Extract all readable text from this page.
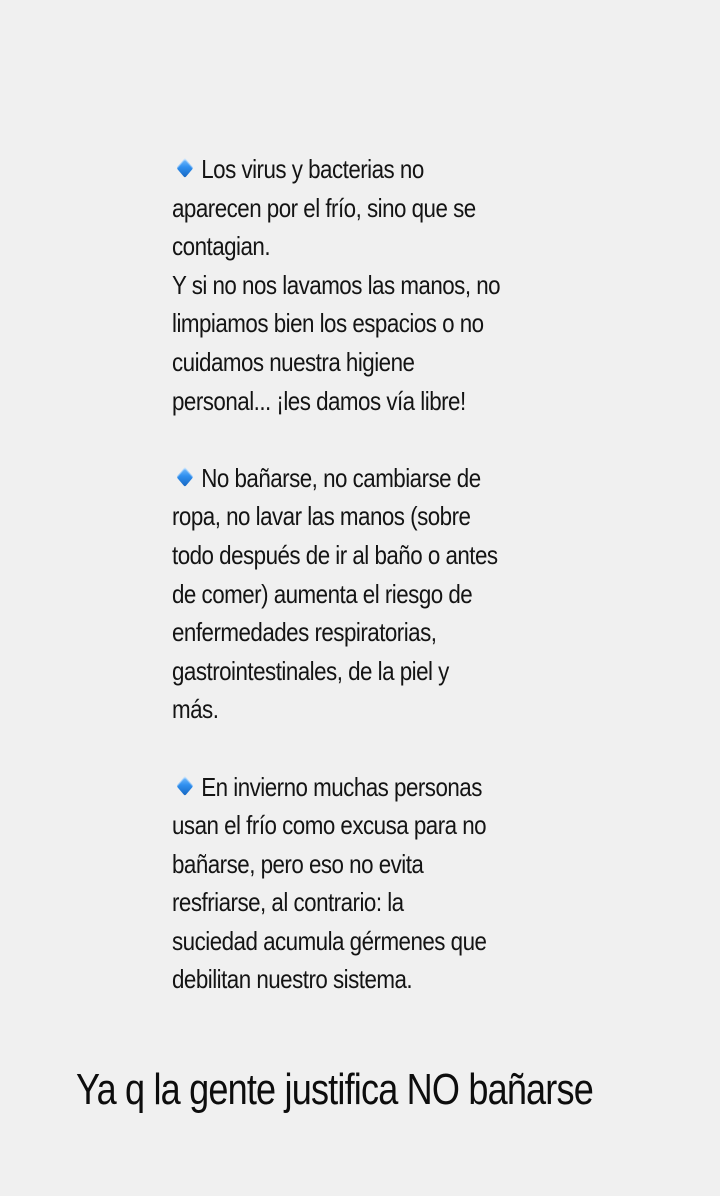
Los virus y bacterias no
aparecen por el frío, sino que se
contagian.
Y si no nos lavamos las manos, no
limpiamos bien los espacios o no
cuidamos nuestra higiene
personal... ¡les damos vía libre!

No bañarse, no cambiarse de
ropa, no lavar las manos (sobre
todo después de ir al baño o antes
de comer) aumenta el riesgo de
enfermedades respiratorias,
gastrointestinales, de la piel y
más.

En invierno muchas personas
usan el frío como excusa para no
bañarse, pero eso no evita
resfriarse, al contrario: la
suciedad acumula gérmenes que
debilitan nuestro sistema.

Ya q la gente justifica NO bañarse
